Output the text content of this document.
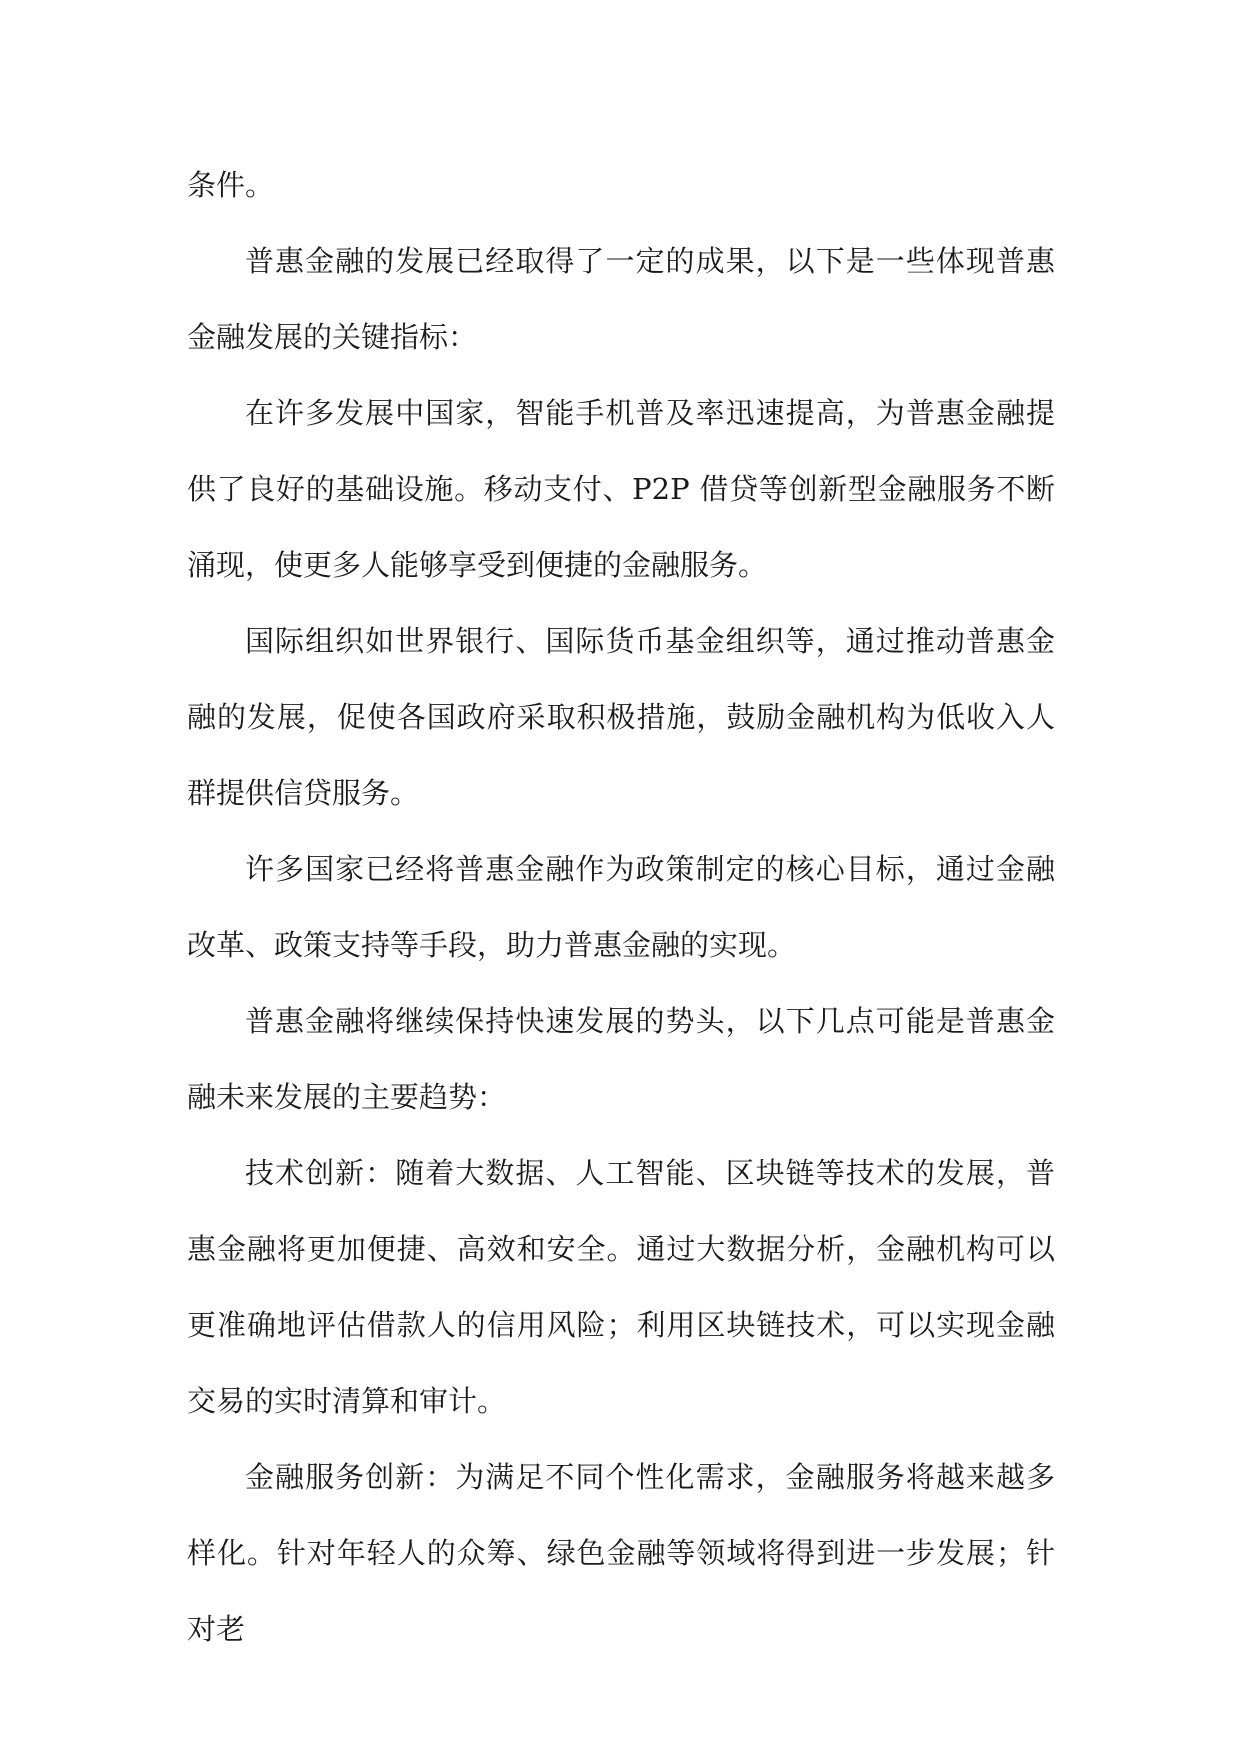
条件。

普惠金融的发展已经取得了一定的成果，以下是一些体现普惠金融发展的关键指标：

在许多发展中国家，智能手机普及率迅速提高，为普惠金融提供了良好的基础设施。移动支付、P2P 借贷等创新型金融服务不断涌现，使更多人能够享受到便捷的金融服务。

国际组织如世界银行、国际货币基金组织等，通过推动普惠金融的发展，促使各国政府采取积极措施，鼓励金融机构为低收入人群提供信贷服务。

许多国家已经将普惠金融作为政策制定的核心目标，通过金融改革、政策支持等手段，助力普惠金融的实现。

普惠金融将继续保持快速发展的势头，以下几点可能是普惠金融未来发展的主要趋势：

技术创新：随着大数据、人工智能、区块链等技术的发展，普惠金融将更加便捷、高效和安全。通过大数据分析，金融机构可以更准确地评估借款人的信用风险；利用区块链技术，可以实现金融交易的实时清算和审计。

金融服务创新：为满足不同个性化需求，金融服务将越来越多样化。针对年轻人的众筹、绿色金融等领域将得到进一步发展；针对老
